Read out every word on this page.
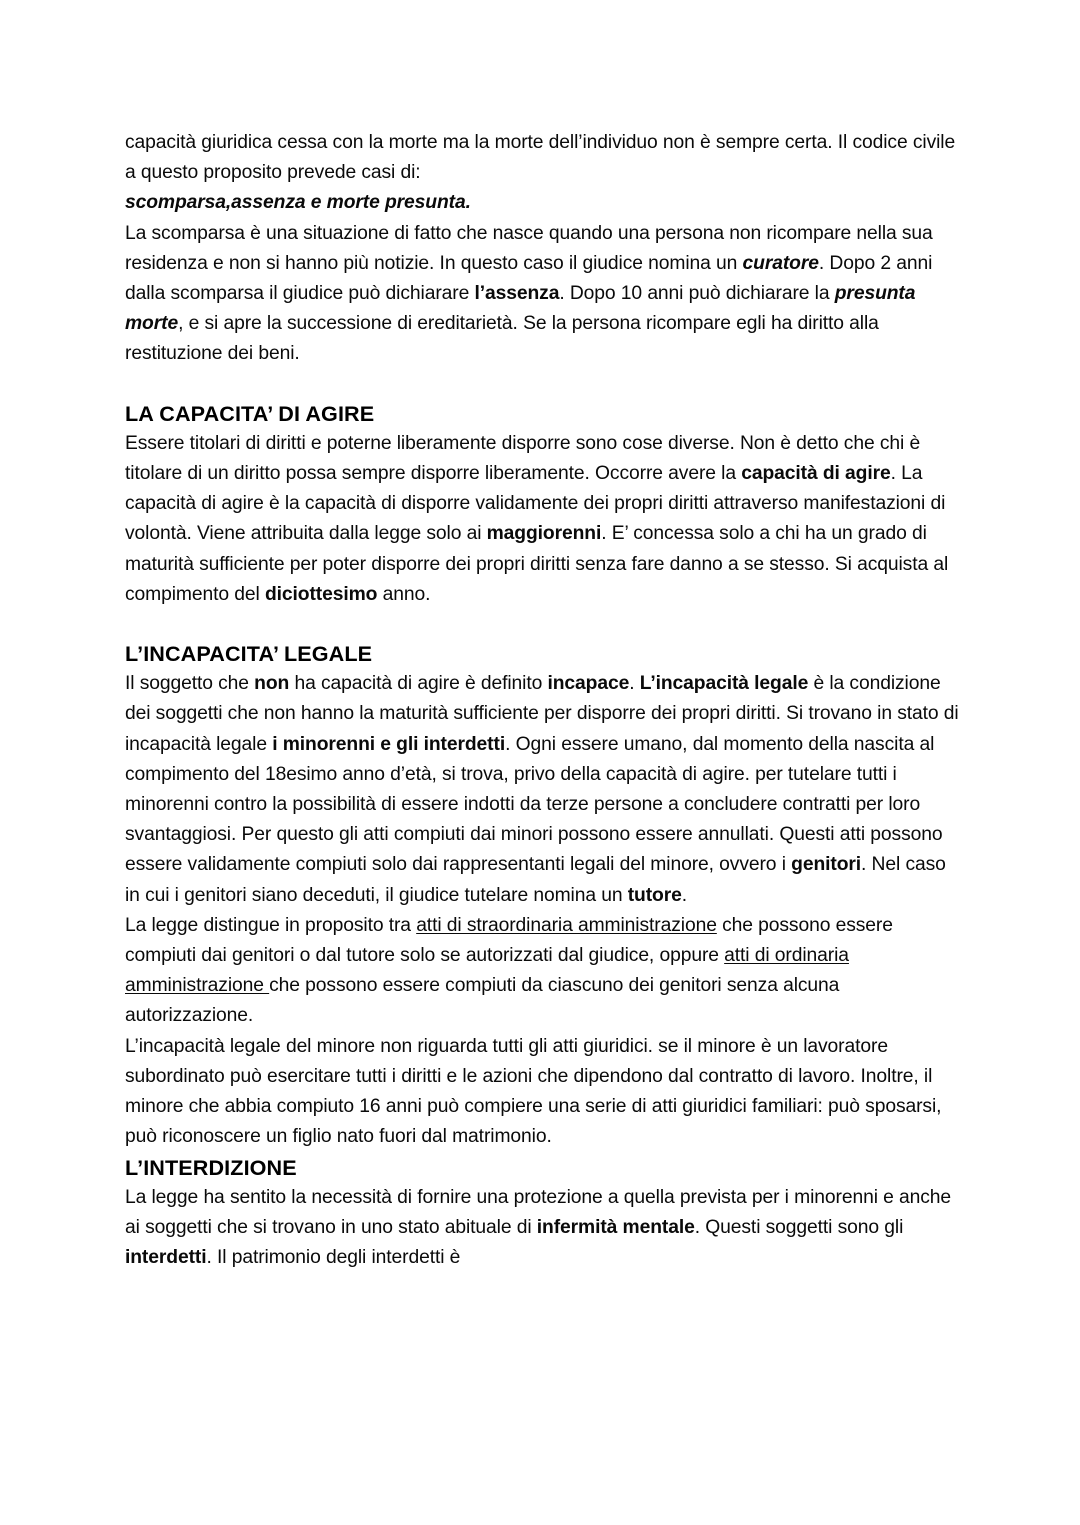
capacità giuridica cessa con la morte ma la morte dell’individuo non è sempre certa. Il codice civile a questo proposito prevede casi di:

scomparsa,assenza e morte presunta.

La scomparsa è una situazione di fatto che nasce quando una persona non ricompare nella sua residenza e non si hanno più notizie. In questo caso il giudice nomina un curatore. Dopo 2 anni dalla scomparsa il giudice può dichiarare l’assenza. Dopo 10 anni può dichiarare la presunta morte, e si apre la successione di ereditarietà. Se la persona ricompare egli ha diritto alla restituzione dei beni.

LA CAPACITA’ DI AGIRE

Essere titolari di diritti e poterne liberamente disporre sono cose diverse. Non è detto che chi è titolare di un diritto possa sempre disporre liberamente. Occorre avere la capacità di agire. La capacità di agire è la capacità di disporre validamente dei propri diritti attraverso manifestazioni di volontà. Viene attribuita dalla legge solo ai maggiorenni. E’ concessa solo a chi ha un grado di maturità sufficiente per poter disporre dei propri diritti senza fare danno a se stesso. Si acquista al compimento del diciottesimo anno.

L’INCAPACITA’ LEGALE

Il soggetto che non ha capacità di agire è definito incapace. L’incapacità legale è la condizione dei soggetti che non hanno la maturità sufficiente per disporre dei propri diritti. Si trovano in stato di incapacità legale i minorenni e gli interdetti. Ogni essere umano, dal momento della nascita al compimento del 18esimo anno d’età, si trova, privo della capacità di agire. per tutelare tutti i minorenni contro la possibilità di essere indotti da terze persone a concludere contratti per loro svantaggiosi. Per questo gli atti compiuti dai minori possono essere annullati. Questi atti possono essere validamente compiuti solo dai rappresentanti legali del minore, ovvero i genitori. Nel caso in cui i genitori siano deceduti, il giudice tutelare nomina un tutore.

La legge distingue in proposito tra atti di straordinaria amministrazione che possono essere compiuti dai genitori o dal tutore solo se autorizzati dal giudice, oppure atti di ordinaria amministrazione che possono essere compiuti da ciascuno dei genitori senza alcuna autorizzazione.

L’incapacità legale del minore non riguarda tutti gli atti giuridici. se il minore è un lavoratore subordinato può esercitare tutti i diritti e le azioni che dipendono dal contratto di lavoro. Inoltre, il minore che abbia compiuto 16 anni può compiere una serie di atti giuridici familiari: può sposarsi, può riconoscere un figlio nato fuori dal matrimonio.

L’INTERDIZIONE

La legge ha sentito la necessità di fornire una protezione a quella prevista per i minorenni e anche ai soggetti che si trovano in uno stato abituale di infermità mentale. Questi soggetti sono gli interdetti. Il patrimonio degli interdetti è
